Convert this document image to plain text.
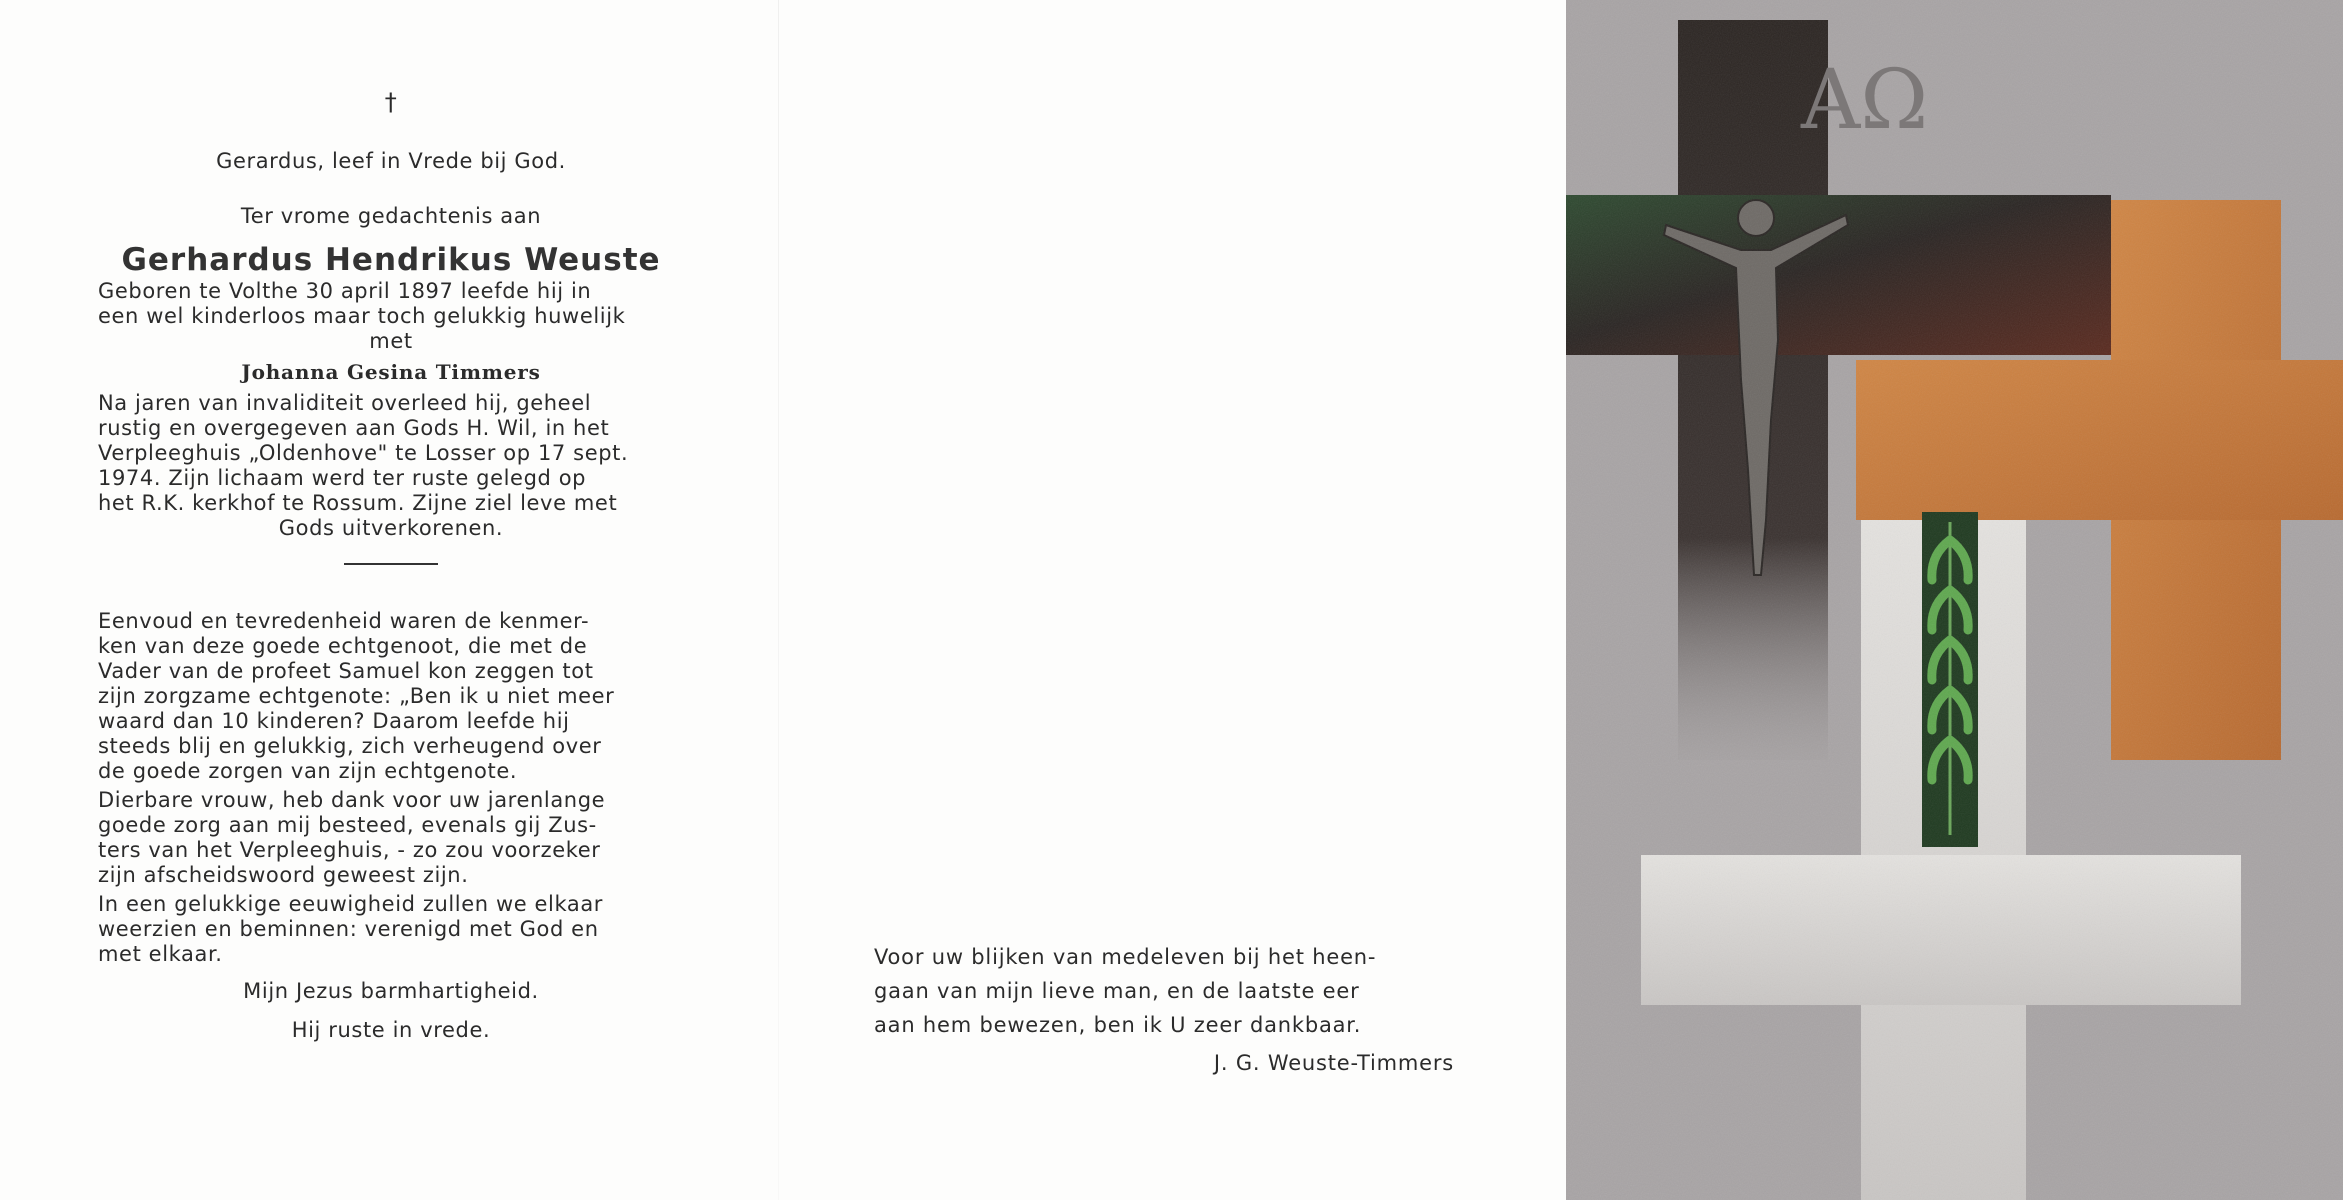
†
Gerardus, leef in Vrede bij God.
Ter vrome gedachtenis aan
Gerhardus Hendrikus Weuste
Geboren te Volthe 30 april 1897 leefde hij in
een wel kinderloos maar toch gelukkig huwelijk
met
Johanna Gesina Timmers
Na jaren van invaliditeit overleed hij, geheel
rustig en overgegeven aan Gods H. Wil, in het
Verpleeghuis „Oldenhove" te Losser op 17 sept.
1974. Zijn lichaam werd ter ruste gelegd op
het R.K. kerkhof te Rossum. Zijne ziel leve met
Gods uitverkorenen.
Eenvoud en tevredenheid waren de kenmer-
ken van deze goede echtgenoot, die met de
Vader van de profeet Samuel kon zeggen tot
zijn zorgzame echtgenote: „Ben ik u niet meer
waard dan 10 kinderen? Daarom leefde hij
steeds blij en gelukkig, zich verheugend over
de goede zorgen van zijn echtgenote.
Dierbare vrouw, heb dank voor uw jarenlange
goede zorg aan mij besteed, evenals gij Zus-
ters van het Verpleeghuis, - zo zou voorzeker
zijn afscheidswoord geweest zijn.
In een gelukkige eeuwigheid zullen we elkaar
weerzien en beminnen: verenigd met God en
met elkaar.
Mijn Jezus barmhartigheid.
Hij ruste in vrede.
Voor uw blijken van medeleven bij het heen-
gaan van mijn lieve man, en de laatste eer
aan hem bewezen, ben ik U zeer dankbaar.
J. G. Weuste-Timmers
AΩ
